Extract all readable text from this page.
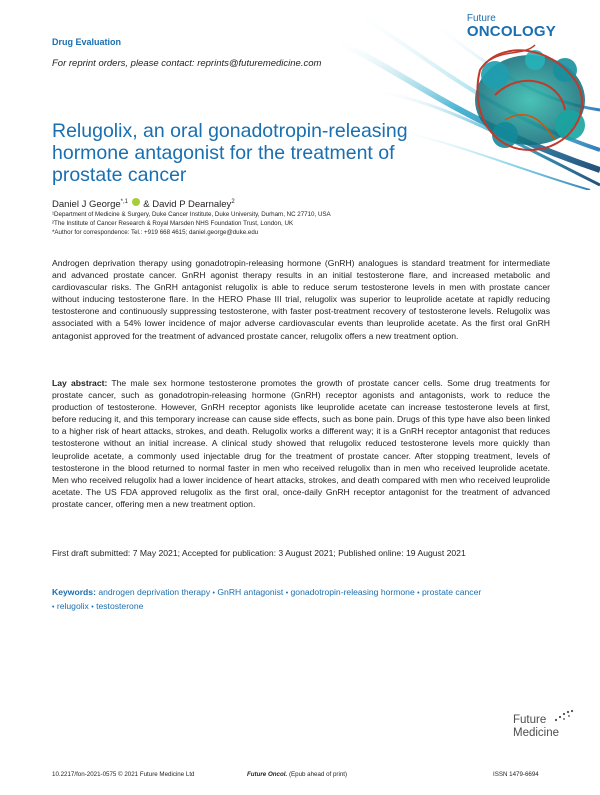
Drug Evaluation
For reprint orders, please contact: reprints@futuremedicine.com
Future
ONCOLOGY
Relugolix, an oral gonadotropin-releasing hormone antagonist for the treatment of prostate cancer
Daniel J George$^{*,1}$ & David P Dearnaley$^2$
¹Department of Medicine & Surgery, Duke Cancer Institute, Duke University, Durham, NC 27710, USA
²The Institute of Cancer Research & Royal Marsden NHS Foundation Trust, London, UK
*Author for correspondence: Tel.: +919 668 4615; daniel.george@duke.edu
Androgen deprivation therapy using gonadotropin-releasing hormone (GnRH) analogues is standard treatment for intermediate and advanced prostate cancer. GnRH agonist therapy results in an initial testosterone flare, and increased metabolic and cardiovascular risks. The GnRH antagonist relugolix is able to reduce serum testosterone levels in men with prostate cancer without inducing testosterone flare. In the HERO Phase III trial, relugolix was superior to leuprolide acetate at rapidly reducing testosterone and continuously suppressing testosterone, with faster post-treatment recovery of testosterone levels. Relugolix was associated with a 54% lower incidence of major adverse cardiovascular events than leuprolide acetate. As the first oral GnRH antagonist approved for the treatment of advanced prostate cancer, relugolix offers a new treatment option.
Lay abstract: The male sex hormone testosterone promotes the growth of prostate cancer cells. Some drug treatments for prostate cancer, such as gonadotropin-releasing hormone (GnRH) receptor agonists and antagonists, work to reduce the production of testosterone. However, GnRH receptor agonists like leuprolide acetate can increase testosterone levels at first, before reducing it, and this temporary increase can cause side effects, such as bone pain. Drugs of this type have also been linked to a higher risk of heart attacks, strokes, and death. Relugolix works a different way; it is a GnRH receptor antagonist that reduces testosterone without an initial increase. A clinical study showed that relugolix reduced testosterone levels more quickly than leuprolide acetate, a commonly used injectable drug for the treatment of prostate cancer. After stopping treatment, levels of testosterone in the blood returned to normal faster in men who received relugolix than in men who received leuprolide acetate. Men who received relugolix had a lower incidence of heart attacks, strokes, and death compared with men who received leuprolide acetate. The US FDA approved relugolix as the first oral, once-daily GnRH receptor antagonist for the treatment of advanced prostate cancer, offering men a new treatment option.
First draft submitted: 7 May 2021; Accepted for publication: 3 August 2021; Published online: 19 August 2021
Keywords: androgen deprivation therapy • GnRH antagonist • gonadotropin-releasing hormone • prostate cancer
• relugolix • testosterone
Future
Medicine
10.2217/fon-2021-0575 © 2021 Future Medicine Ltd	Future Oncol. (Epub ahead of print)	ISSN 1479-6694
